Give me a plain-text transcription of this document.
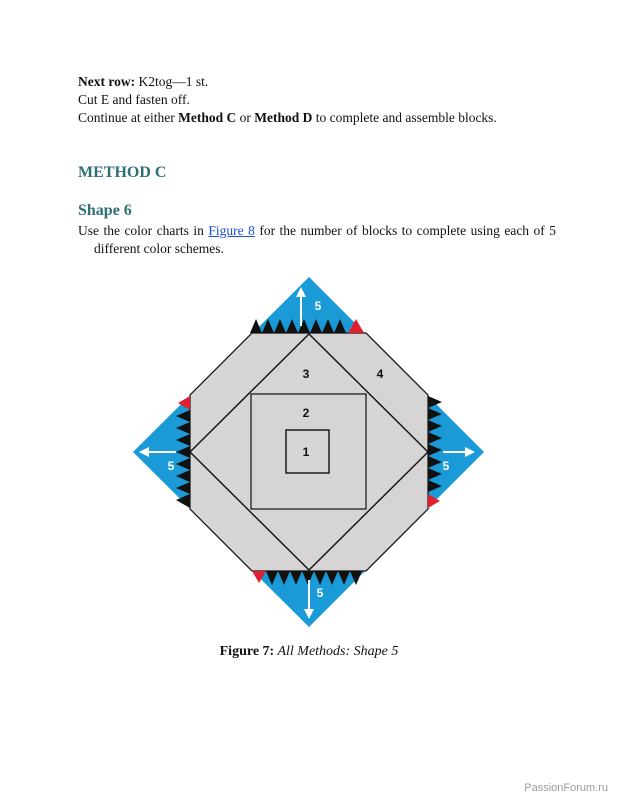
Next row: K2tog—1 st.

Cut E and fasten off.

Continue at either Method C or Method D to complete and assemble blocks.

METHOD C
Shape 6

Use the color charts in Figure 8 for the number of blocks to complete using each of 5 different color schemes.

1
2
3	4
5
5
5	5
Figure 7: All Methods: Shape 5
PassionForum.ru
